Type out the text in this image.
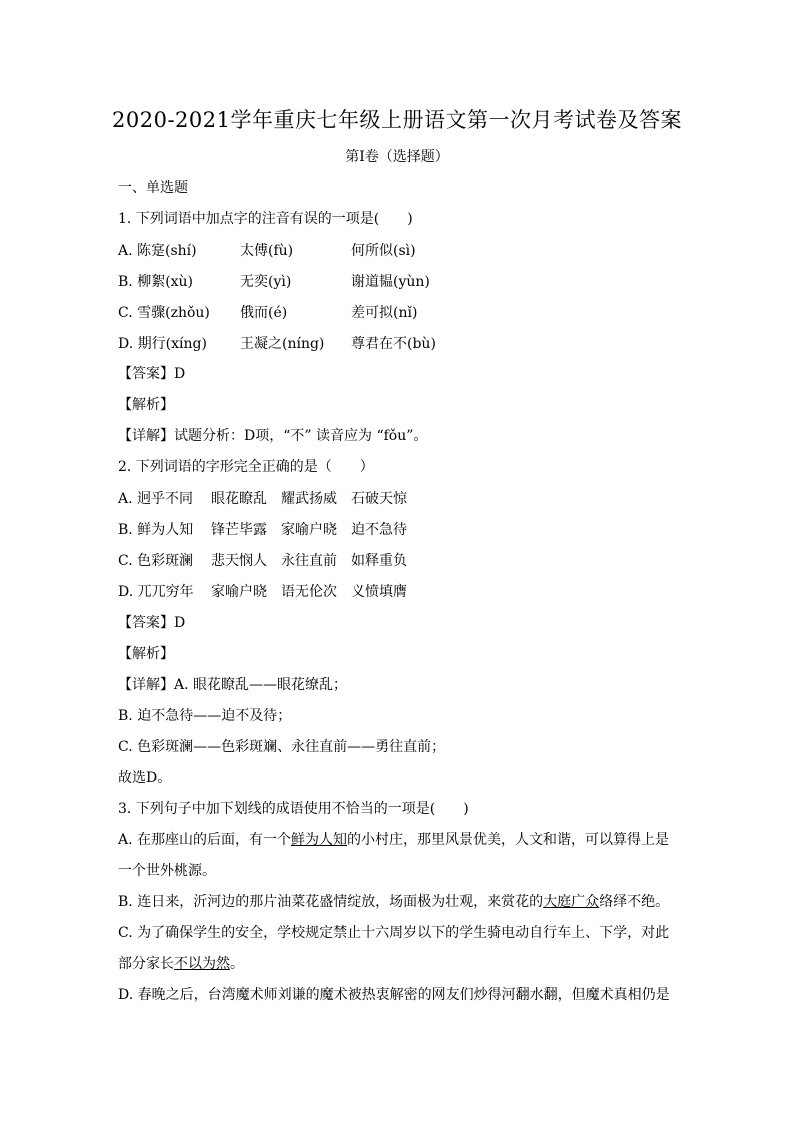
2020-2021学年重庆七年级上册语文第一次月考试卷及答案
第Ⅰ卷（选择题）
一、单选题
1. 下列词语中加点字的注音有误的一项是(　　)
A. 陈寔(shí)	太傅(fù)	何所似(sì)
B. 柳絮(xù)	无奕(yì)	谢道韫(yùn)
C. 雪骤(zhǒu) 俄而(é)	差可拟(nǐ)
D. 期行(xíng) 王凝之(níng) 尊君在不(bù)
【答案】D
【解析】
【详解】试题分析：D项，“不” 读音应为 “fǒu”。
2. 下列词语的字形完全正确的是（　　）
A. 迥乎不同 眼花瞭乱 耀武扬威 石破天惊
B. 鲜为人知 锋芒毕露 家喻户晓 迫不急待
C. 色彩斑澜 悲天悯人 永往直前 如释重负
D. 兀兀穷年 家喻户晓 语无伦次 义愤填膺
【答案】D
【解析】
【详解】A. 眼花瞭乱——眼花缭乱；
B. 迫不急待——迫不及待；
C. 色彩斑澜——色彩斑斓、永往直前——勇往直前；
故选D。
3. 下列句子中加下划线的成语使用不恰当的一项是(　　)
A. 在那座山的后面，有一个鲜为人知的小村庄，那里风景优美，人文和谐，可以算得上是
一个世外桃源。
B. 连日来，沂河边的那片油菜花盛情绽放，场面极为壮观，来赏花的大庭广众络绎不绝。
C. 为了确保学生的安全，学校规定禁止十六周岁以下的学生骑电动自行车上、下学，对此
部分家长不以为然。
D. 春晚之后，台湾魔术师刘谦的魔术被热衷解密的网友们炒得河翻水翻，但魔术真相仍是
